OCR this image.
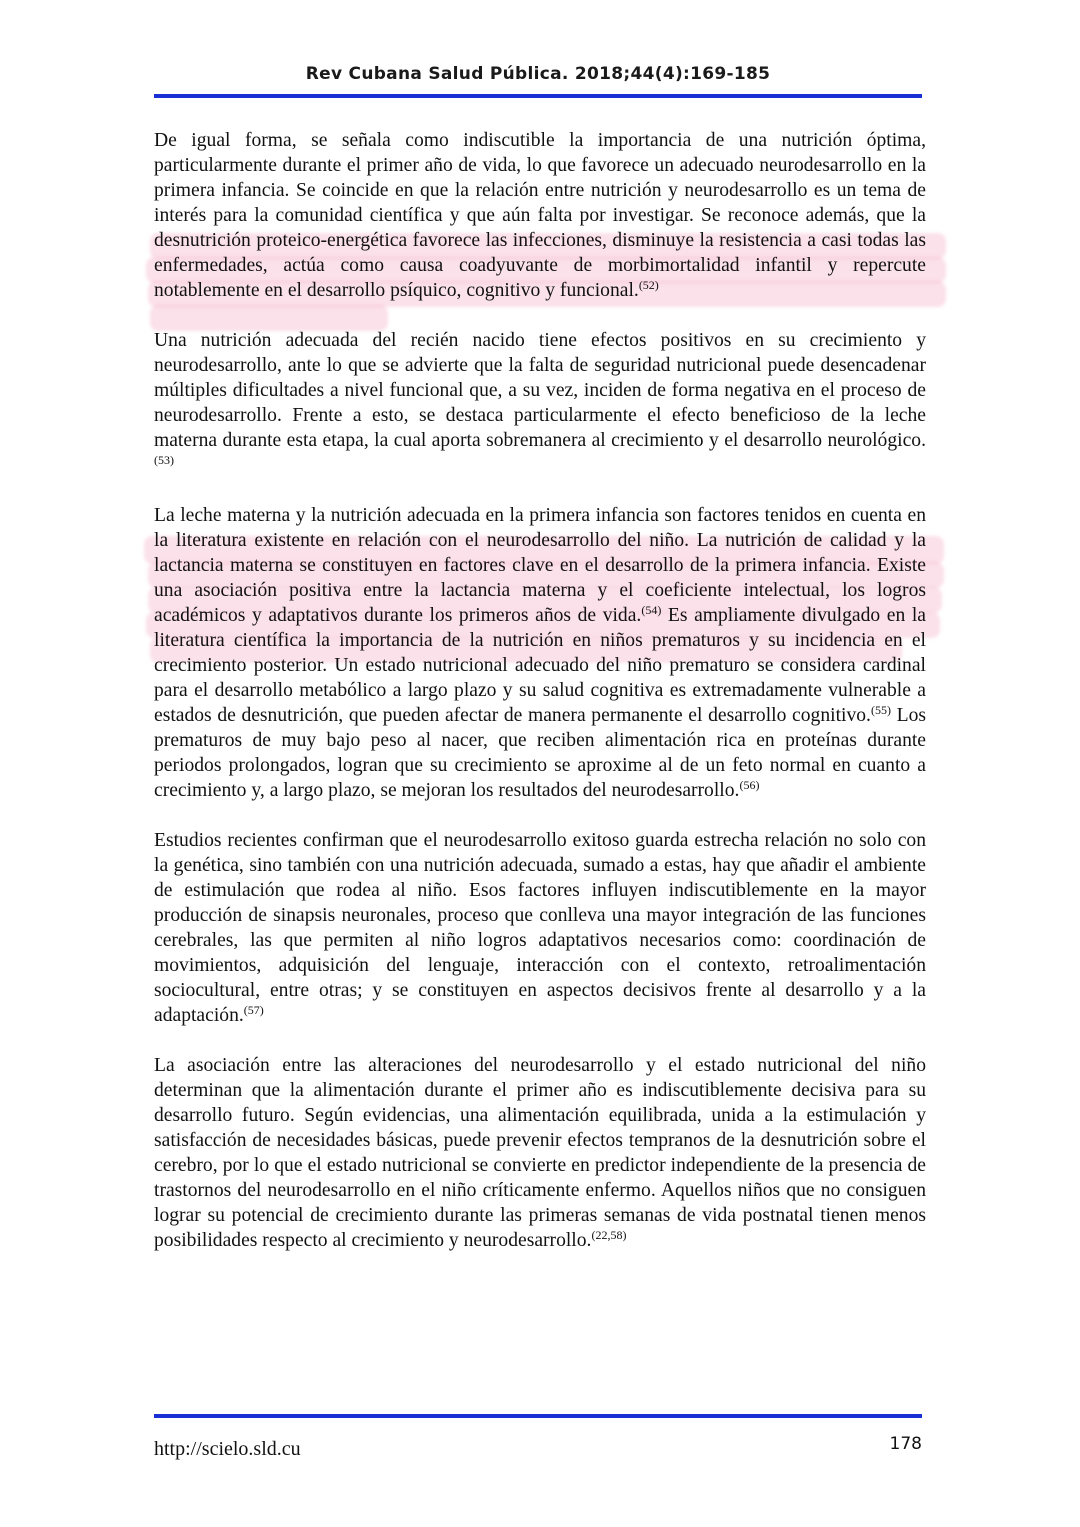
Rev Cubana Salud Pública. 2018;44(4):169-185

De igual forma, se señala como indiscutible la importancia de una nutrición óptima, particularmente durante el primer año de vida, lo que favorece un adecuado neurodesarrollo en la primera infancia. Se coincide en que la relación entre nutrición y neurodesarrollo es un tema de interés para la comunidad científica y que aún falta por investigar. Se reconoce además, que la desnutrición proteico-energética favorece las infecciones, disminuye la resistencia a casi todas las enfermedades, actúa como causa coadyuvante de morbimortalidad infantil y repercute notablemente en el desarrollo psíquico, cognitivo y funcional.$^{(52)}$

Una nutrición adecuada del recién nacido tiene efectos positivos en su crecimiento y neurodesarrollo, ante lo que se advierte que la falta de seguridad nutricional puede desencadenar múltiples dificultades a nivel funcional que, a su vez, inciden de forma negativa en el proceso de neurodesarrollo. Frente a esto, se destaca particularmente el efecto beneficioso de la leche materna durante esta etapa, la cual aporta sobremanera al crecimiento y el desarrollo neurológico.$^{(53)}$

La leche materna y la nutrición adecuada en la primera infancia son factores tenidos en cuenta en la literatura existente en relación con el neurodesarrollo del niño. La nutrición de calidad y la lactancia materna se constituyen en factores clave en el desarrollo de la primera infancia. Existe una asociación positiva entre la lactancia materna y el coeficiente intelectual, los logros académicos y adaptativos durante los primeros años de vida.$^{(54)}$ Es ampliamente divulgado en la literatura científica la importancia de la nutrición en niños prematuros y su incidencia en el crecimiento posterior. Un estado nutricional adecuado del niño prematuro se considera cardinal para el desarrollo metabólico a largo plazo y su salud cognitiva es extremadamente vulnerable a estados de desnutrición, que pueden afectar de manera permanente el desarrollo cognitivo.$^{(55)}$ Los prematuros de muy bajo peso al nacer, que reciben alimentación rica en proteínas durante periodos prolongados, logran que su crecimiento se aproxime al de un feto normal en cuanto a crecimiento y, a largo plazo, se mejoran los resultados del neurodesarrollo.$^{(56)}$

Estudios recientes confirman que el neurodesarrollo exitoso guarda estrecha relación no solo con la genética, sino también con una nutrición adecuada, sumado a estas, hay que añadir el ambiente de estimulación que rodea al niño. Esos factores influyen indiscutiblemente en la mayor producción de sinapsis neuronales, proceso que conlleva una mayor integración de las funciones cerebrales, las que permiten al niño logros adaptativos necesarios como: coordinación de movimientos, adquisición del lenguaje, interacción con el contexto, retroalimentación sociocultural, entre otras; y se constituyen en aspectos decisivos frente al desarrollo y a la adaptación.$^{(57)}$

La asociación entre las alteraciones del neurodesarrollo y el estado nutricional del niño determinan que la alimentación durante el primer año es indiscutiblemente decisiva para su desarrollo futuro. Según evidencias, una alimentación equilibrada, unida a la estimulación y satisfacción de necesidades básicas, puede prevenir efectos tempranos de la desnutrición sobre el cerebro, por lo que el estado nutricional se convierte en predictor independiente de la presencia de trastornos del neurodesarrollo en el niño críticamente enfermo. Aquellos niños que no consiguen lograr su potencial de crecimiento durante las primeras semanas de vida postnatal tienen menos posibilidades respecto al crecimiento y neurodesarrollo.$^{(22,58)}$

http://scielo.sld.cu	178
